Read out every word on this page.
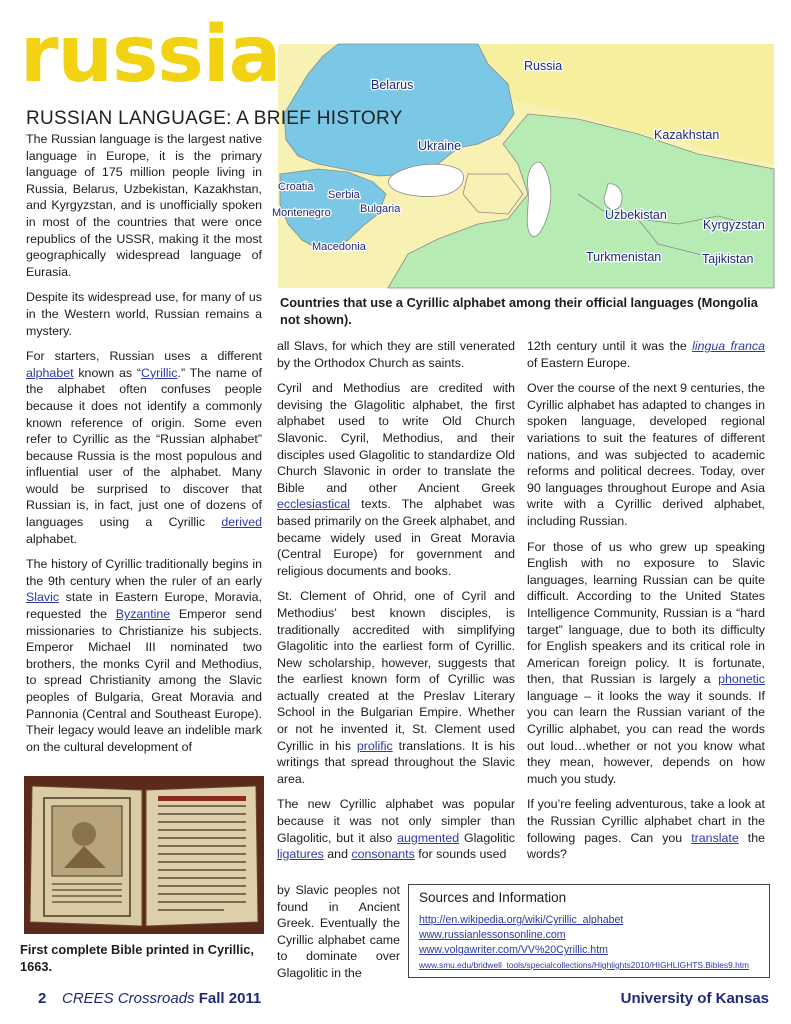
russia
RUSSIAN LANGUAGE: A BRIEF HISTORY
Belarus
Russia
Ukraine
Kazakhstan
Croatia
Serbia
Bulgaria
Montenegro
Macedonia
Uzbekistan
Kyrgyzstan
Turkmenistan	Tajikistan
Countries that use a Cyrillic alphabet among their official languages (Mongolia not shown).

The Russian language is the largest native language in Europe, it is the primary language of 175 million people living in Russia, Belarus, Uzbekistan, Kazakhstan, and Kyrgyzstan, and is unofficially spoken in most of the countries that were once republics of the USSR, making it the most geographically widespread language of Eurasia.

Despite its widespread use, for many of us in the Western world, Russian remains a mystery.

For starters, Russian uses a different alphabet known as “Cyrillic.” The name of the alphabet often confuses people because it does not identify a commonly known reference of origin. Some even refer to Cyrillic as the “Russian alphabet” because Russia is the most populous and influential user of the alphabet. Many would be surprised to discover that Russian is, in fact, just one of dozens of languages using a Cyrillic derived alphabet.

The history of Cyrillic traditionally begins in the 9th century when the ruler of an early Slavic state in Eastern Europe, Moravia, requested the Byzantine Emperor send missionaries to Christianize his subjects. Emperor Michael III nominated two brothers, the monks Cyril and Methodius, to spread Christianity among the Slavic peoples of Bulgaria, Great Moravia and Pannonia (Central and Southeast Europe). Their legacy would leave an indelible mark on the cultural development of

First complete Bible printed in Cyrillic, 1663.

all Slavs, for which they are still venerated by the Orthodox Church as saints.

Cyril and Methodius are credited with devising the Glagolitic alphabet, the first alphabet used to write Old Church Slavonic. Cyril, Methodius, and their disciples used Glagolitic to standardize Old Church Slavonic in order to translate the Bible and other Ancient Greek ecclesiastical texts. The alphabet was based primarily on the Greek alphabet, and became widely used in Great Moravia (Central Europe) for government and religious documents and books.

St. Clement of Ohrid, one of Cyril and Methodius’ best known disciples, is traditionally accredited with simplifying Glagolitic into the earliest form of Cyrillic. New scholarship, however, suggests that the earliest known form of Cyrillic was actually created at the Preslav Literary School in the Bulgarian Empire. Whether or not he invented it, St. Clement used Cyrillic in his prolific translations. It is his writings that spread throughout the Slavic area.

The new Cyrillic alphabet was popular because it was not only simpler than Glagolitic, but it also augmented Glagolitic ligatures and consonants for sounds used

by Slavic peoples not found in Ancient Greek. Eventually the Cyrillic alphabet came to dominate over Glagolitic in the

12th century until it was the lingua franca of Eastern Europe.

Over the course of the next 9 centuries, the Cyrillic alphabet has adapted to changes in spoken language, developed regional variations to suit the features of different nations, and was subjected to academic reforms and political decrees. Today, over 90 languages throughout Europe and Asia write with a Cyrillic derived alphabet, including Russian.

For those of us who grew up speaking English with no exposure to Slavic languages, learning Russian can be quite difficult. According to the United States Intelligence Community, Russian is a “hard target” language, due to both its difficulty for English speakers and its critical role in American foreign policy. It is fortunate, then, that Russian is largely a phonetic language – it looks the way it sounds. If you can learn the Russian variant of the Cyrillic alphabet, you can read the words out loud…whether or not you know what they mean, however, depends on how much you study.

If you’re feeling adventurous, take a look at the Russian Cyrillic alphabet chart in the following pages. Can you translate the words?

Sources and Information
http://en.wikipedia.org/wiki/Cyrillic_alphabet
www.russianlessonsonline.com
www.volgawriter.com/VV%20Cyrillic.htm
www.smu.edu/bridwell_tools/specialcollections/Highlights2010/HIGHLIGHTS.Bibles9.htm
2 CREES Crossroads Fall 2011	University of Kansas
